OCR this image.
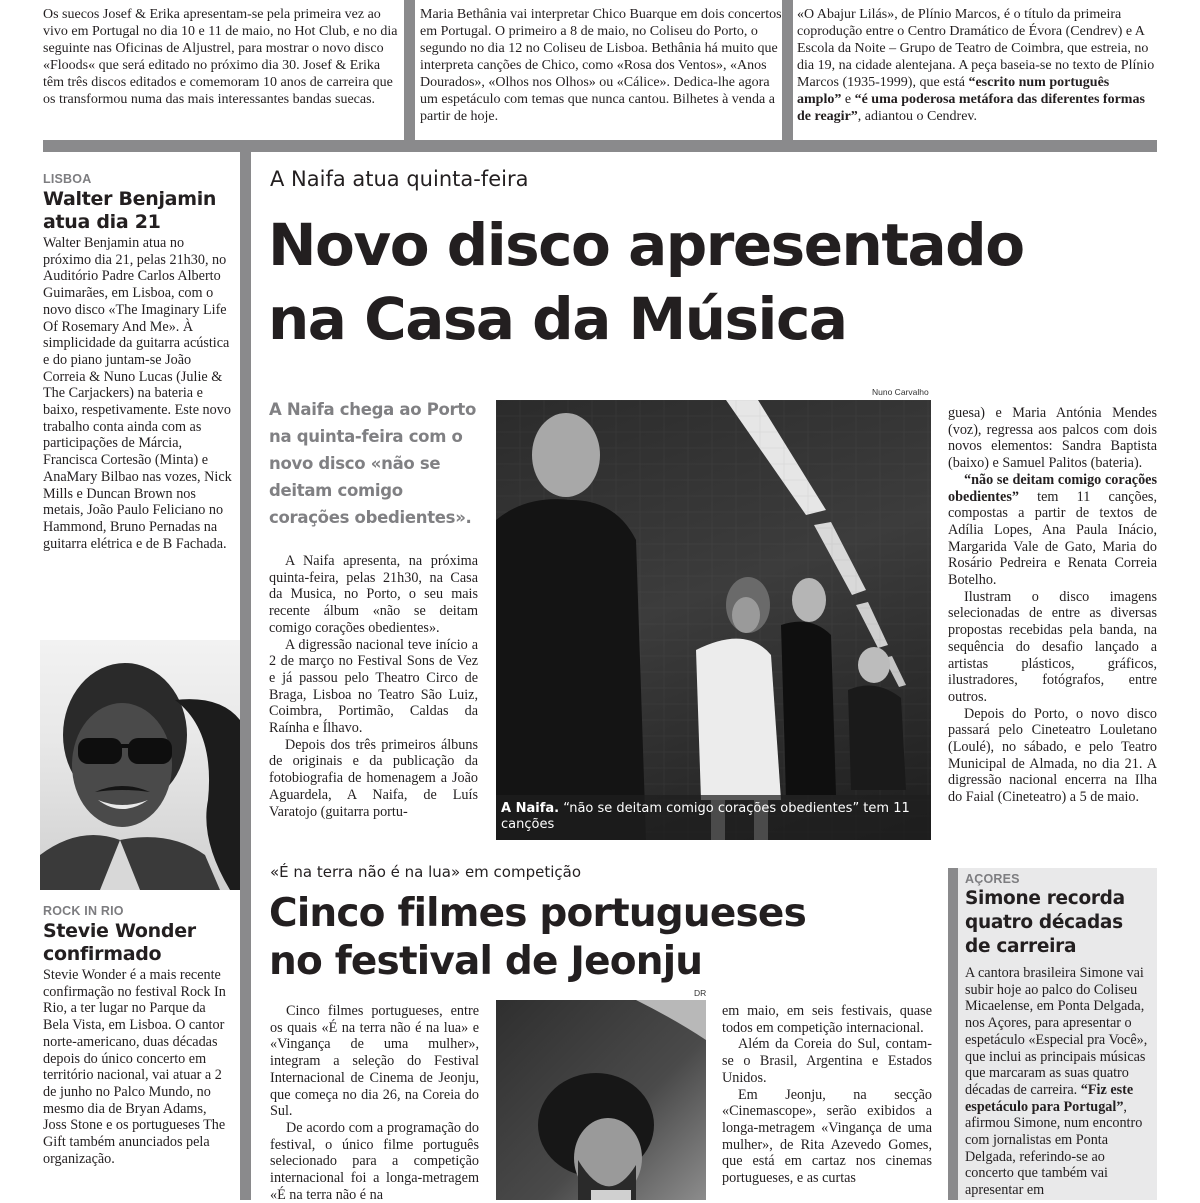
Os suecos Josef & Erika apresentam-se pela primeira vez ao vivo em Portugal no dia 10 e 11 de maio, no Hot Club, e no dia seguinte nas Oficinas de Aljustrel, para mostrar o novo disco «Floods« que será editado no próximo dia 30. Josef & Erika têm três discos editados e comemoram 10 anos de carreira que os transformou numa das mais interessantes bandas suecas.
Maria Bethânia vai interpretar Chico Buarque em dois concertos em Portugal. O primeiro a 8 de maio, no Coliseu do Porto, o segundo no dia 12 no Coliseu de Lisboa. Bethânia há muito que interpreta canções de Chico, como «Rosa dos Ventos», «Anos Dourados», «Olhos nos Olhos» ou «Cálice». Dedica-lhe agora um espetáculo com temas que nunca cantou. Bilhetes à venda a partir de hoje.
«O Abajur Lilás», de Plínio Marcos, é o título da primeira coprodução entre o Centro Dramático de Évora (Cendrev) e A Escola da Noite – Grupo de Teatro de Coimbra, que estreia, no dia 19, na cidade alentejana. A peça baseia-se no texto de Plínio Marcos (1935-1999), que está “escrito num português amplo” e “é uma poderosa metáfora das diferentes formas de reagir”, adiantou o Cendrev.
LISBOA
Walter Benjamin atua dia 21
Walter Benjamin atua no próximo dia 21, pelas 21h30, no Auditório Padre Carlos Alberto Guimarães, em Lisboa, com o novo disco «The Imaginary Life Of Rosemary And Me». À simplicidade da guitarra acústica e do piano juntam-se João Correia & Nuno Lucas (Julie & The Carjackers) na bateria e baixo, respetivamente. Este novo trabalho conta ainda com as participações de Márcia, Francisca Cortesão (Minta) e AnaMary Bilbao nas vozes, Nick Mills e Duncan Brown nos metais, João Paulo Feliciano no Hammond, Bruno Pernadas na guitarra elétrica e de B Fachada.
ROCK IN RIO
Stevie Wonder confirmado
Stevie Wonder é a mais recente confirmação no festival Rock In Rio, a ter lugar no Parque da Bela Vista, em Lisboa. O cantor norte-americano, duas décadas depois do único concerto em território nacional, vai atuar a 2 de junho no Palco Mundo, no mesmo dia de Bryan Adams, Joss Stone e os portugueses The Gift também anunciados pela organização.
A Naifa atua quinta-feira
Novo disco apresentado
na Casa da Música
A Naifa chega ao Porto na quinta-feira com o novo disco «não se deitam comigo corações obedientes».

A Naifa apresenta, na próxima quinta-feira, pelas 21h30, na Casa da Musica, no Porto, o seu mais recente álbum «não se deitam comigo corações obedientes».

A digressão nacional teve início a 2 de março no Festival Sons de Vez e já passou pelo Theatro Circo de Braga, Lisboa no Teatro São Luiz, Coimbra, Portimão, Caldas da Raínha e Ílhavo.

Depois dos três primeiros álbuns de originais e da publicação da fotobiografia de homenagem a João Aguardela, A Naifa, de Luís Varatojo (guitarra portu-

Nuno Carvalho
A Naifa. “não se deitam comigo corações obedientes” tem 11 canções

guesa) e Maria Antónia Mendes (voz), regressa aos palcos com dois novos elementos: Sandra Baptista (baixo) e Samuel Palitos (bateria).

“não se deitam comigo corações obedientes” tem 11 canções, compostas a partir de textos de Adília Lopes, Ana Paula Inácio, Margarida Vale de Gato, Maria do Rosário Pedreira e Renata Correia Botelho.

Ilustram o disco imagens selecionadas de entre as diversas propostas recebidas pela banda, na sequência do desafio lançado a artistas plásticos, gráficos, ilustradores, fotógrafos, entre outros.

Depois do Porto, o novo disco passará pelo Cineteatro Louletano (Loulé), no sábado, e pelo Teatro Municipal de Almada, no dia 21. A digressão nacional encerra na Ilha do Faial (Cineteatro) a 5 de maio.

«É na terra não é na lua» em competição
Cinco filmes portugueses
no festival de Jeonju

Cinco filmes portugueses, entre os quais «É na terra não é na lua» e «Vingança de uma mulher», integram a seleção do Festival Internacional de Cinema de Jeonju, que começa no dia 26, na Coreia do Sul.

De acordo com a programação do festival, o único filme português selecionado para a competição internacional foi a longa-metragem «É na terra não é na

DR

em maio, em seis festivais, quase todos em competição internacional.

Além da Coreia do Sul, contam-se o Brasil, Argentina e Estados Unidos.

Em Jeonju, na secção «Cinemascope», serão exibidos a longa-metragem «Vingança de uma mulher», de Rita Azevedo Gomes, que está em cartaz nos cinemas portugueses, e as curtas

AÇORES
Simone recorda quatro décadas de carreira
A cantora brasileira Simone vai subir hoje ao palco do Coliseu Micaelense, em Ponta Delgada, nos Açores, para apresentar o espetáculo «Especial pra Você», que inclui as principais músicas que marcaram as suas quatro décadas de carreira. “Fiz este espetáculo para Portugal”, afirmou Simone, num encontro com jornalistas em Ponta Delgada, referindo-se ao concerto que também vai apresentar em
